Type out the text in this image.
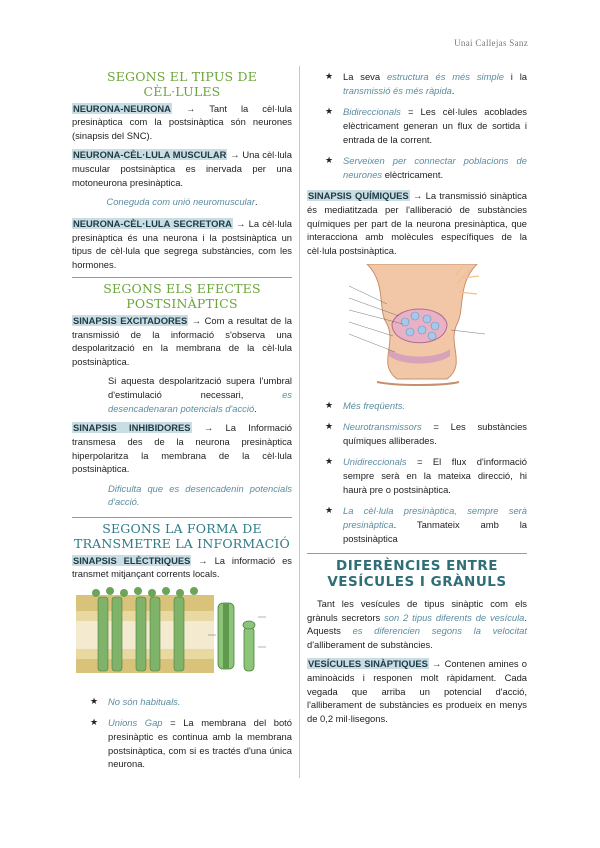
Unai Callejas Sanz
SEGONS EL TIPUS DE CÈL·LULES

NEURONA-NEURONA → Tant la cèl·lula presinàptica com la postsinàptica són neurones (sinapsis del SNC).

NEURONA-CÈL·LULA MUSCULAR → Una cèl·lula muscular postsinàptica es inervada per una motoneurona presinàptica.

Coneguda com unió neuromuscular.

NEURONA-CÈL·LULA SECRETORA → La cèl·lula presinàptica és una neurona i la postsinàptica un tipus de cèl·lula que segrega substàncies, com les hormones.

SEGONS ELS EFECTES POSTSINÀPTICS

SINAPSIS EXCITADORES → Com a resultat de la transmissió de la informació s'observa una despolarització en la membrana de la cèl·lula postsinàptica.

Si aquesta despolarització supera l'umbral d'estimulació necessari, es desencadenaran potencials d'acció.

SINAPSIS INHIBIDORES → La Informació transmesa des de la neurona presinàptica hiperpolaritza la membrana de la cèl·lula postsinàptica.

Dificulta que es desencadenin potencials d'acció.

SEGONS LA FORMA DE TRANSMETRE LA INFORMACIÓ

SINAPSIS ELÈCTRIQUES → La informació es transmet mitjançant corrents locals.

★ No són habituals.
★ Unions Gap = La membrana del botó presinàptic es continua amb la membrana postsinàptica, com si es tractés d'una única neurona.
★ La seva estructura és més simple i la transmissió és més ràpida.
★ Bidireccionals = Les cèl·lules acoblades elèctricament generan un flux de sortida i entrada de la corrent.
★ Serveixen per connectar poblacions de neurones elèctricament.

SINAPSIS QUÍMIQUES → La transmissió sinàptica és mediatitzada per l'alliberació de substàncies químiques per part de la neurona presinàptica, que interacciona amb molècules específiques de la cèl·lula postsinàptica.

★ Més freqüents.
★ Neurotransmissors = Les substàncies químiques alliberades.
★ Unidireccionals = El flux d'informació sempre serà en la mateixa direcció, hi haurà pre o postsinàptica.
★ La cèl·lula presinàptica, sempre serà presinàptica. Tanmateix amb la postsinàptica
DIFERÈNCIES ENTRE VESÍCULES I GRÀNULS

Tant les vesícules de tipus sinàptic com els grànuls secretors son 2 tipus diferents de vesícula. Aquests es diferencien segons la velocitat d'alliberament de substàncies.

VESÍCULES SINÀPTIQUES → Contenen amines o aminoàcids i responen molt ràpidament. Cada vegada que arriba un potencial d'acció, l'alliberament de substàncies es produeix en menys de 0,2 mil·lisegons.
